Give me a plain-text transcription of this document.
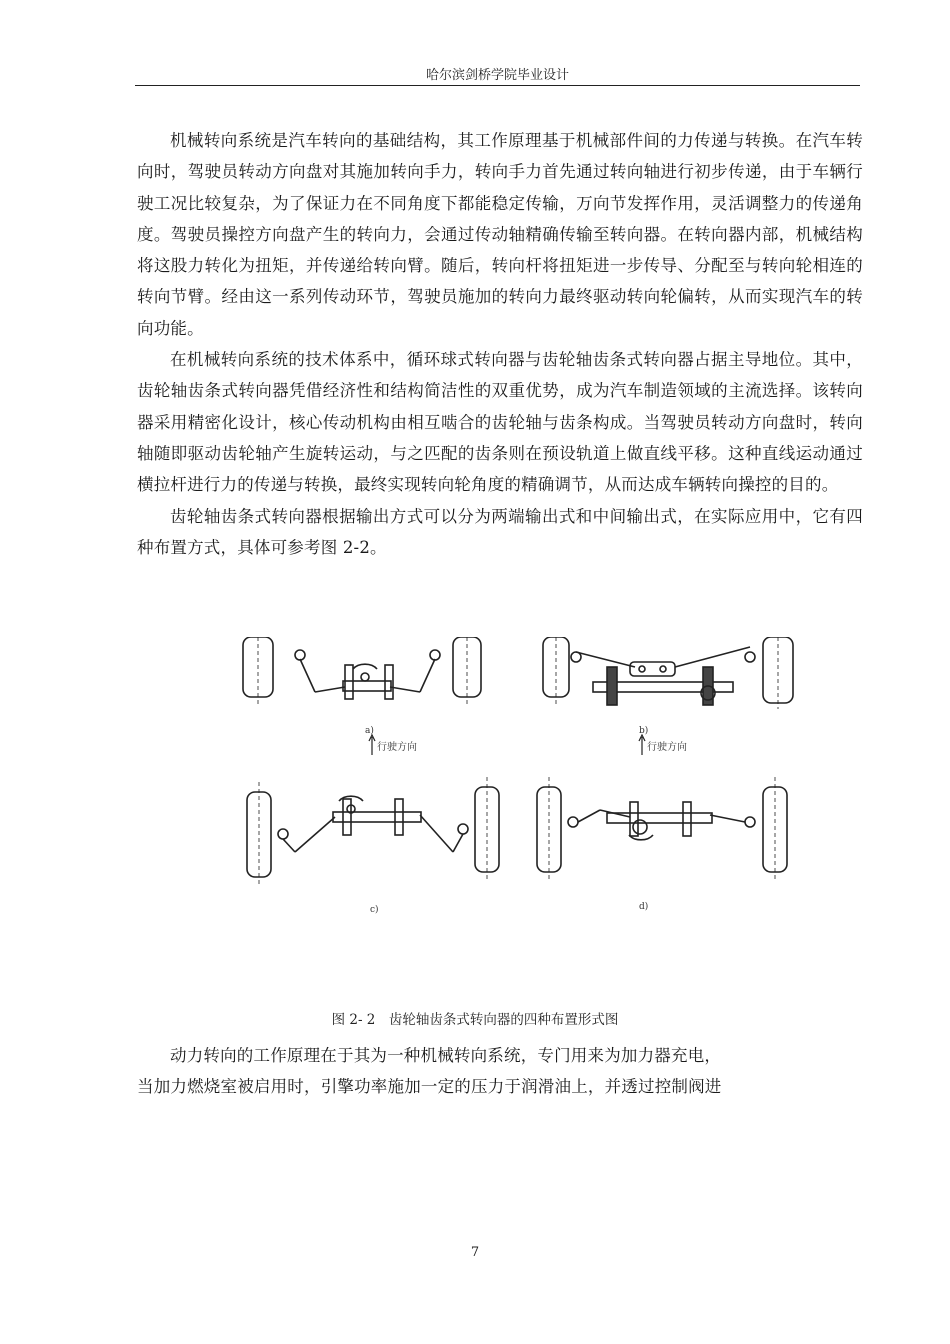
哈尔滨剑桥学院毕业设计

机械转向系统是汽车转向的基础结构，其工作原理基于机械部件间的力传递与转换。在汽车转向时，驾驶员转动方向盘对其施加转向手力，转向手力首先通过转向轴进行初步传递，由于车辆行驶工况比较复杂，为了保证力在不同角度下都能稳定传输，万向节发挥作用，灵活调整力的传递角度。驾驶员操控方向盘产生的转向力，会通过传动轴精确传输至转向器。在转向器内部，机械结构将这股力转化为扭矩，并传递给转向臂。随后，转向杆将扭矩进一步传导、分配至与转向轮相连的转向节臂。经由这一系列传动环节，驾驶员施加的转向力最终驱动转向轮偏转，从而实现汽车的转向功能。

在机械转向系统的技术体系中，循环球式转向器与齿轮轴齿条式转向器占据主导地位。其中，齿轮轴齿条式转向器凭借经济性和结构简洁性的双重优势，成为汽车制造领域的主流选择。该转向器采用精密化设计，核心传动机构由相互啮合的齿轮轴与齿条构成。当驾驶员转动方向盘时，转向轴随即驱动齿轮轴产生旋转运动，与之匹配的齿条则在预设轨道上做直线平移。这种直线运动通过横拉杆进行力的传递与转换，最终实现转向轮角度的精确调节，从而达成车辆转向操控的目的。

齿轮轴齿条式转向器根据输出方式可以分为两端输出式和中间输出式，在实际应用中，它有四种布置方式，具体可参考图 2-2。

a)	b)
c)	d)
行驶方向	行驶方向
图 2- 2　齿轮轴齿条式转向器的四种布置形式图

动力转向的工作原理在于其为一种机械转向系统，专门用来为加力器充电，

当加力燃烧室被启用时，引擎功率施加一定的压力于润滑油上，并透过控制阀进

7
